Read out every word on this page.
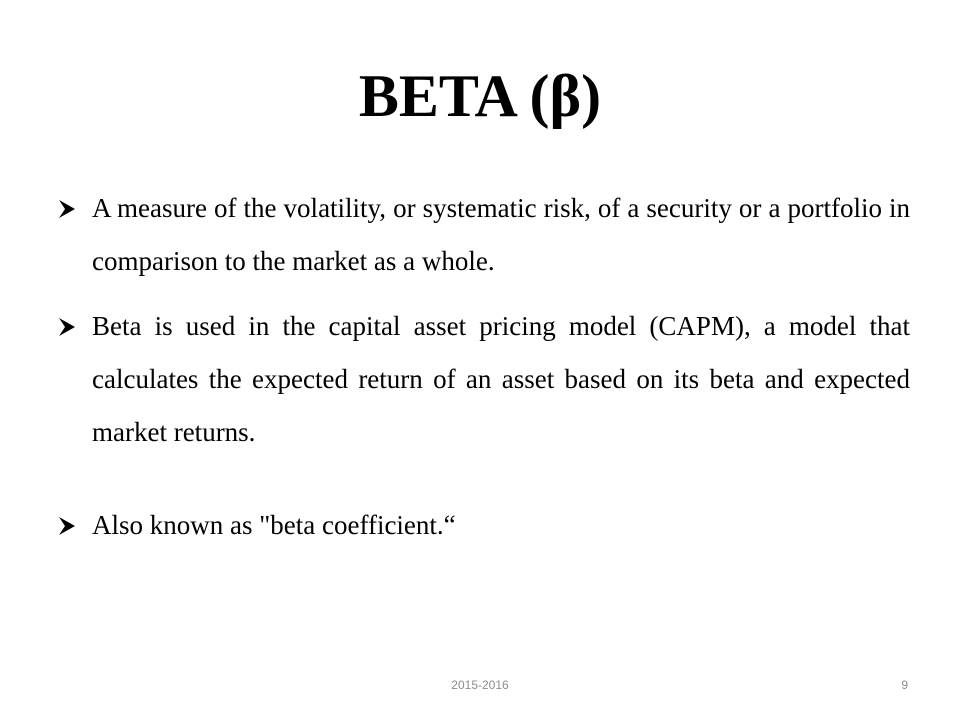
BETA (β)
A measure of the volatility, or systematic risk, of a security or a portfolio in comparison to the market as a whole.
Beta is used in the capital asset pricing model (CAPM), a model that calculates the expected return of an asset based on its beta and expected market returns.
Also known as "beta coefficient.“
2015-2016	9
